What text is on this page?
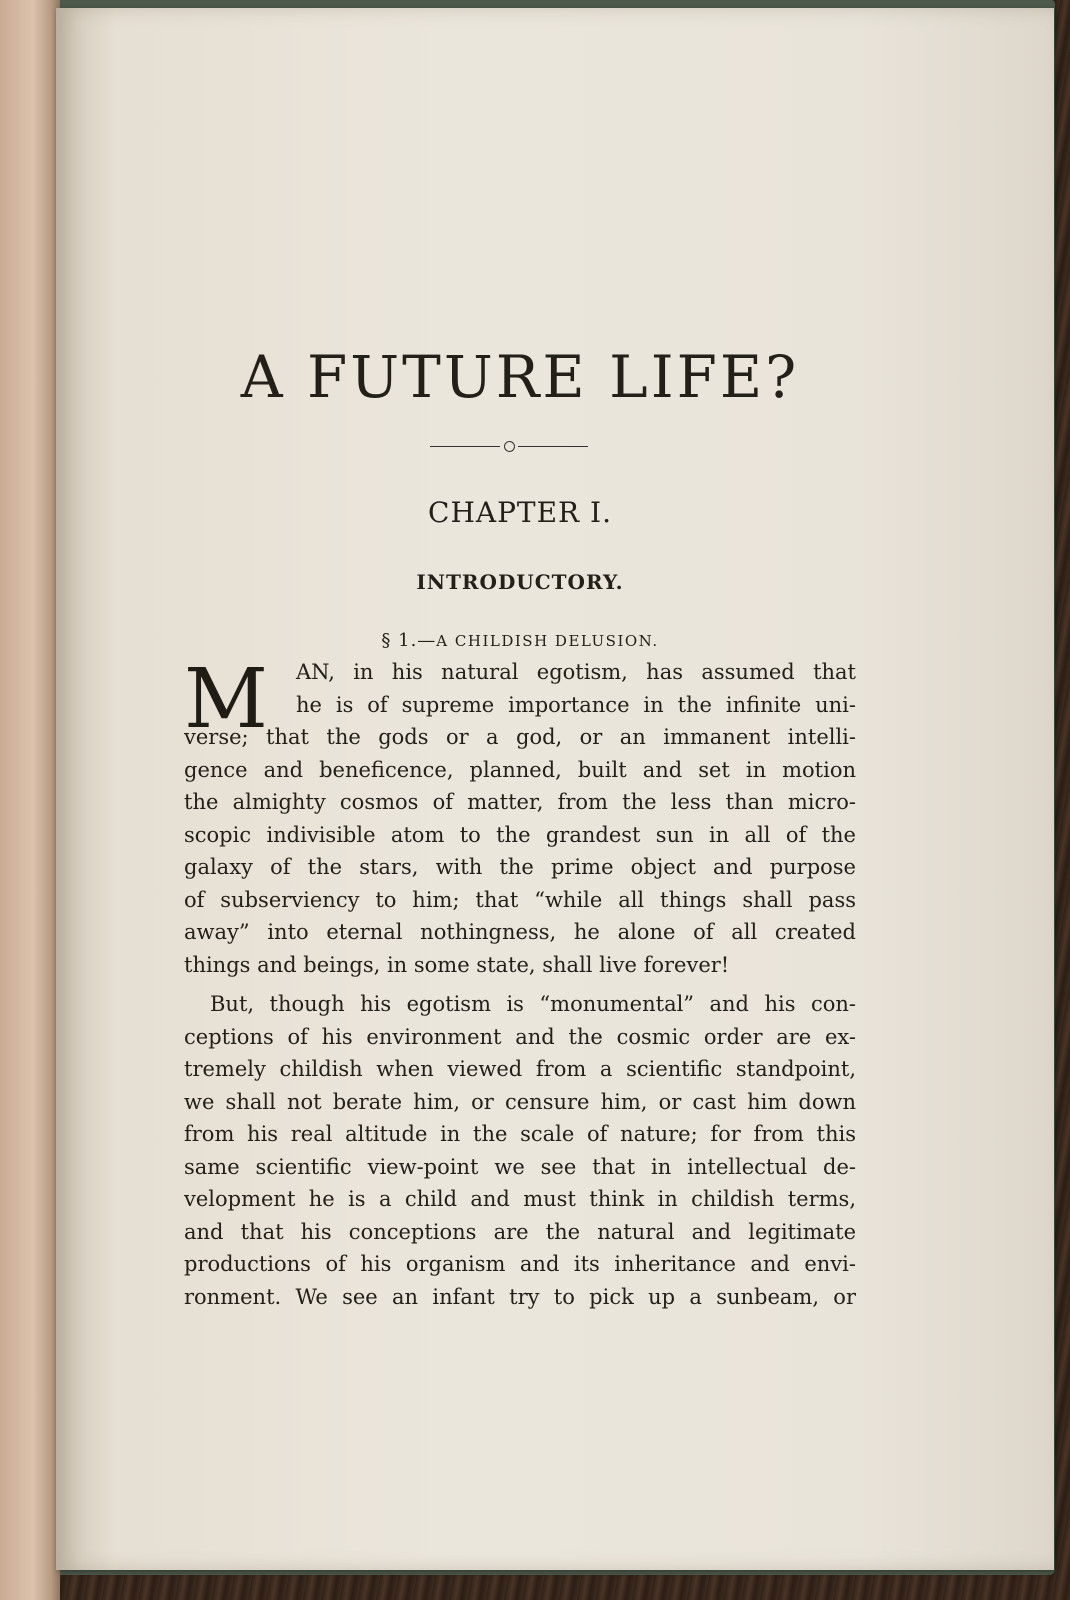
A FUTURE LIFE?
CHAPTER I.
INTRODUCTORY.
§ 1.—A CHILDISH DELUSION.
M	AN, in his natural egotism, has assumed that
he is of supreme importance in the infinite uni-
verse; that the gods or a god, or an immanent intelli-
gence and beneficence, planned, built and set in motion
the almighty cosmos of matter, from the less than micro-
scopic indivisible atom to the grandest sun in all of the
galaxy of the stars, with the prime object and purpose
of subserviency to him; that “while all things shall pass
away” into eternal nothingness, he alone of all created
things and beings, in some state, shall live forever!
But, though his egotism is “monumental” and his con-
ceptions of his environment and the cosmic order are ex-
tremely childish when viewed from a scientific standpoint,
we shall not berate him, or censure him, or cast him down
from his real altitude in the scale of nature; for from this
same scientific view-point we see that in intellectual de-
velopment he is a child and must think in childish terms,
and that his conceptions are the natural and legitimate
productions of his organism and its inheritance and envi-
ronment. We see an infant try to pick up a sunbeam, or
